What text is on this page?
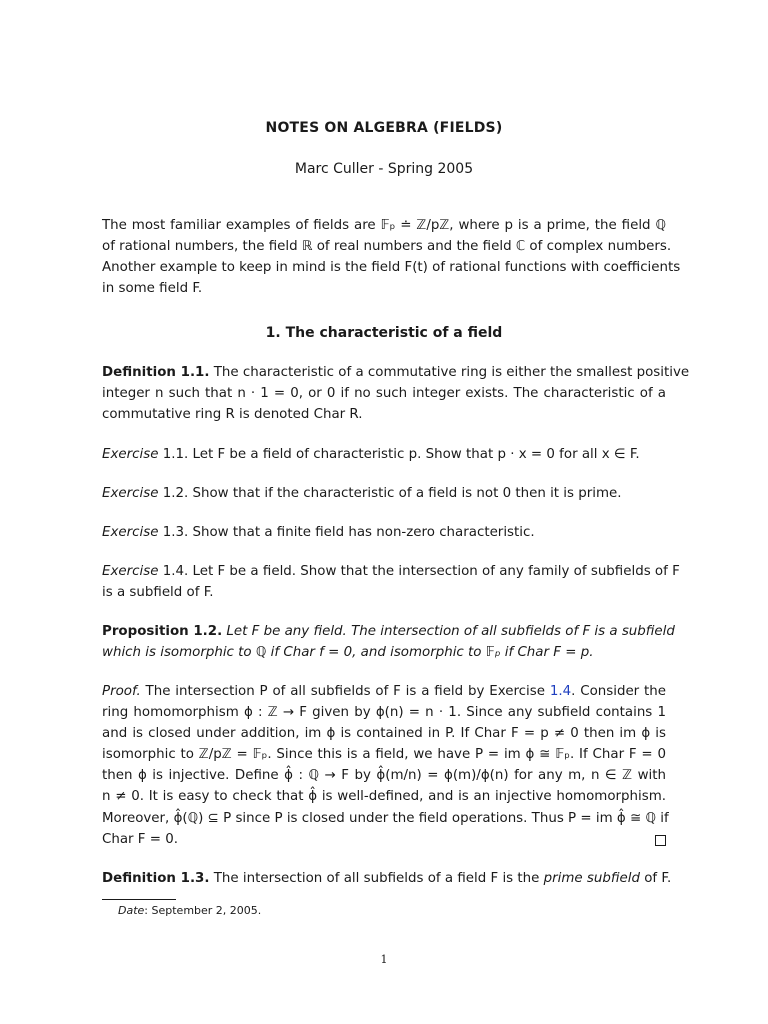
NOTES ON ALGEBRA (FIELDS)
Marc Culler - Spring 2005
The most familiar examples of fields are 𝔽ₚ ≐ ℤ/pℤ, where p is a prime, the field ℚ
of rational numbers, the field ℝ of real numbers and the field ℂ of complex numbers.
Another example to keep in mind is the field F(t) of rational functions with coefficients
in some field F.
1. The characteristic of a field
Definition 1.1. The characteristic of a commutative ring is either the smallest positive
integer n such that n · 1 = 0, or 0 if no such integer exists. The characteristic of a
commutative ring R is denoted Char R.
Exercise 1.1. Let F be a field of characteristic p. Show that p · x = 0 for all x ∈ F.
Exercise 1.2. Show that if the characteristic of a field is not 0 then it is prime.
Exercise 1.3. Show that a finite field has non-zero characteristic.
Exercise 1.4. Let F be a field. Show that the intersection of any family of subfields of F
is a subfield of F.
Proposition 1.2. Let F be any field. The intersection of all subfields of F is a subfield
which is isomorphic to ℚ if Char f = 0, and isomorphic to 𝔽ₚ if Char F = p.
Proof. The intersection P of all subfields of F is a field by Exercise 1.4. Consider the
ring homomorphism ϕ : ℤ → F given by ϕ(n) = n · 1. Since any subfield contains 1
and is closed under addition, im ϕ is contained in P. If Char F = p ≠ 0 then im ϕ is
isomorphic to ℤ/pℤ = 𝔽ₚ. Since this is a field, we have P = im ϕ ≅ 𝔽ₚ. If Char F = 0
then ϕ is injective. Define ϕ̂ : ℚ → F by ϕ̂(m/n) = ϕ(m)/ϕ(n) for any m, n ∈ ℤ with
n ≠ 0. It is easy to check that ϕ̂ is well-defined, and is an injective homomorphism.
Moreover, ϕ̂(ℚ) ⊆ P since P is closed under the field operations. Thus P = im ϕ̂ ≅ ℚ if
Char F = 0.
Definition 1.3. The intersection of all subfields of a field F is the prime subfield of F.
Date: September 2, 2005.
1
